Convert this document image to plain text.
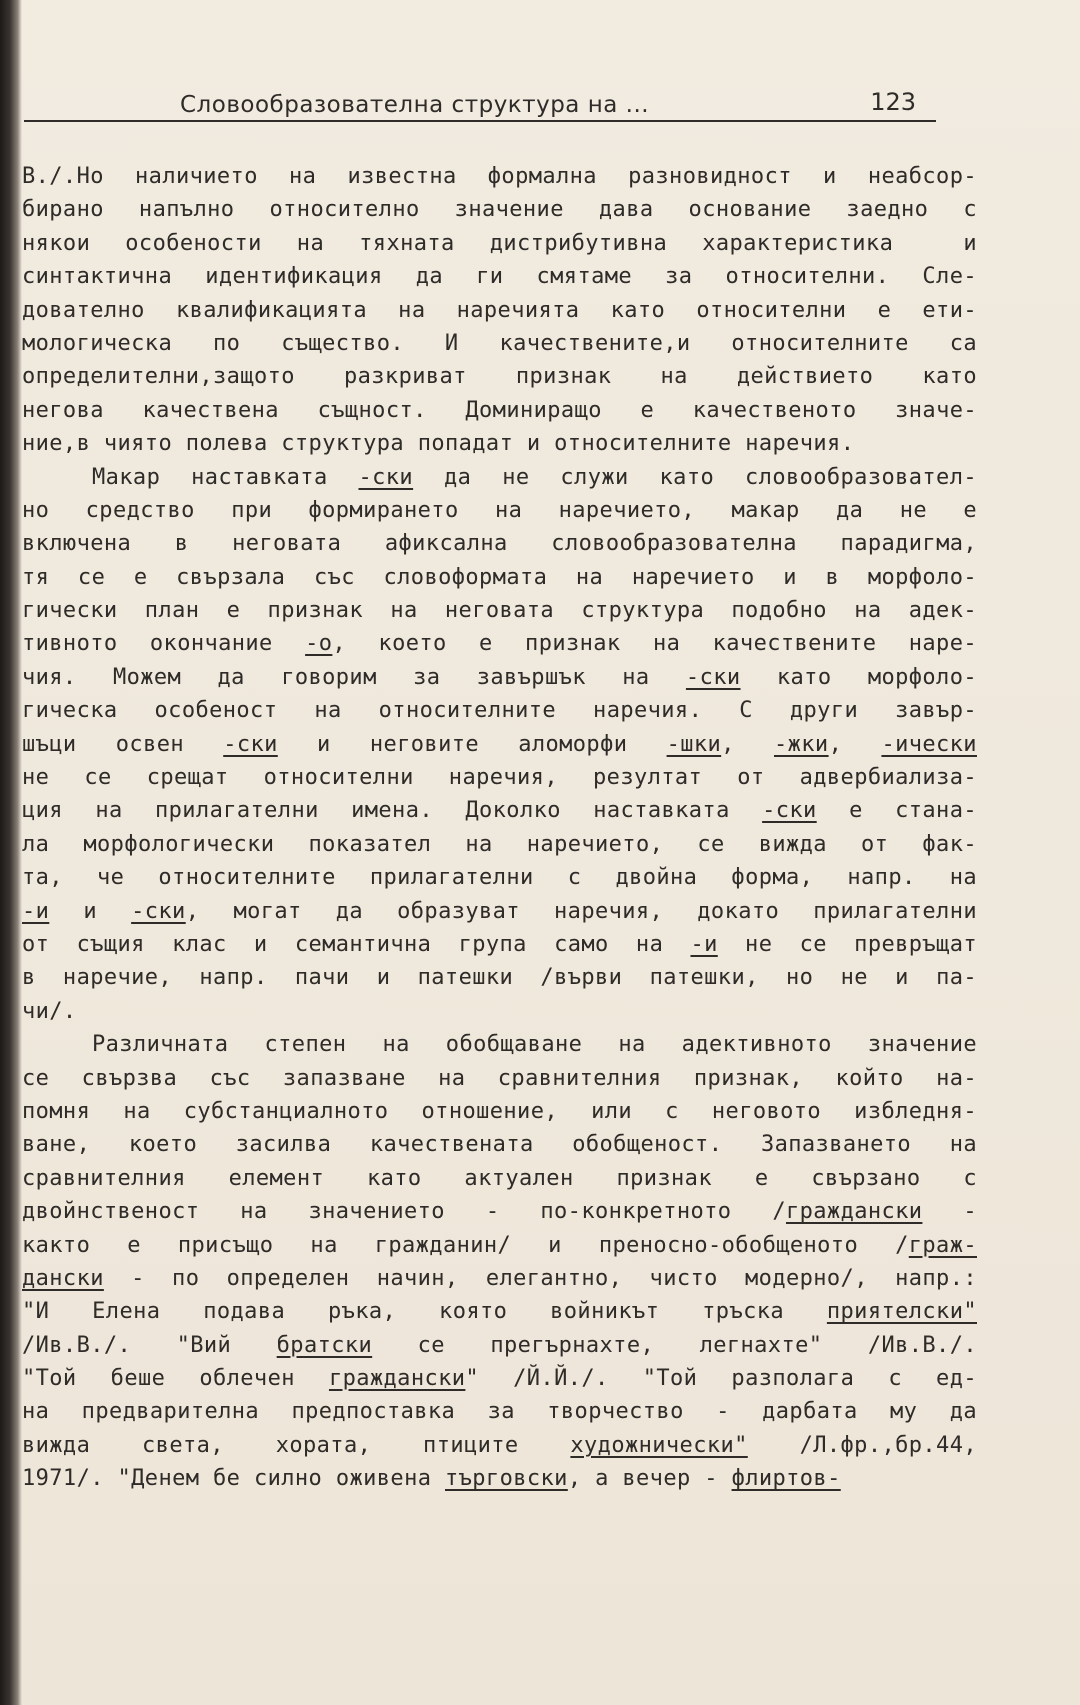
Словообразователна структура на ...	123
В./.Но наличието на известна формална разновидност и неабсор-
бирано напълно относително значение дава основание заедно с
някои особености на тяхната дистрибутивна характеристика  и
синтактична идентификация да ги смятаме за относителни. Сле-
дователно квалификацията на наречията като относителни е ети-
мологическа по същество. И качествените,и относителните са
определителни,защото разкриват признак на действието като
негова качествена същност. Доминиращо е качественото значе-
ние,в чиято полева структура попадат и относителните наречия.
Макар наставката -ски да не служи като словообразовател-
но средство при формирането на наречието, макар да не е
включена в неговата афиксална словообразователна парадигма,
тя се е свързала със словоформата на наречието и в морфоло-
гически план е признак на неговата структура подобно на адек-
тивното окончание -о, което е признак на качествените наре-
чия. Можем да говорим за завършък на -ски като морфоло-
гическа особеност на относителните наречия. С други завър-
шъци освен -ски и неговите аломорфи -шки, -жки, -ически
не се срещат относителни наречия, резултат от адвербиализа-
ция на прилагателни имена. Доколко наставката -ски е стана-
ла морфологически показател на наречието, се вижда от фак-
та, че относителните прилагателни с двойна форма, напр. на
-и и -ски, могат да образуват наречия, докато прилагателни
от същия клас и семантична група само на -и не се превръщат
в наречие, напр. пачи и патешки /върви патешки, но не и па-
чи/.
Различната степен на обобщаване на адективното значение
се свързва със запазване на сравнителния признак, който на-
помня на субстанциалното отношение, или с неговото избледня-
ване, което засилва качествената обобщеност. Запазването на
сравнителния елемент като актуален признак е свързано с
двойнственост на значението - по-конкретното /граждански -
както е присъщо на гражданин/ и преносно-обобщеното /граж-
дански - по определен начин, елегантно, чисто модерно/, напр.:
"И Елена подава ръка, която войникът тръска приятелски"
/Ив.В./. "Вий братски се прегърнахте, легнахте" /Ив.В./.
"Той беше облечен граждански" /Й.Й./. "Той разполага с ед-
на предварителна предпоставка за творчество - дарбата му да
вижда света, хората, птиците художнически" /Л.фр.,бр.44,
1971/. "Денем бе силно оживена търговски, а вечер - флиртов-
